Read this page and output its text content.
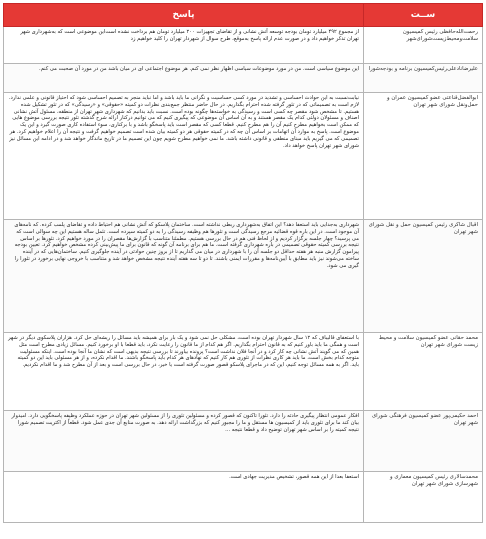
ســت	پاسخ
رحمت‌الله‌حافظی رئیس کمیسیون سلامت‌ومحیط‌زیست‌شورای‌شهر	از مجموع ۴۹۲ میلیارد تومان بودجه توسعه آتش نشانی و از تقاضای تجهیزات ۲۰۰ میلیارد تومان هم برداخت نشده است‌این موضوعی است که به‌شهرداری شهر تهران تذکر خواهیم داد و در صورت عدم ارائه پاسخ به‌موقع، طرح سوال از شهردار تهران را کلید خواهیم زد
علیرضانادعلی‌رئیس‌کمیسیون برنامه و بودجه‌شورا	این موضوع سیاسی است. من در مورد موضوعات سیاسی اظهار نظر نمی کنم. هر موضوع اجتماعی ای در میان باشد من در مورد آن صحبت می کنم.
ابوالفضل‌قناعتی عضو کمیسیون عمران و حمل‌ونقل شورای شهر تهران	نیابت‌نسبت به این حوادث احساسی و تشدید در مورد کسی حساسیت و نگرانی ما باید باشد و اما نباید منجر به تصمیم احساسی شود که احتیاز قانونی و علمی ندارد. لازم است به تصمیماتی که در تئور گرفته شده احترام بگذاریم. در حال حاضر منتظر جمع‌بندی نظرات دو کمیته «حقوقی» و «رسیدگی» که در تئور تشکیل شده هستیم. تا مشخص شود مقصر چه کسی است و رسیدگی به خواسته‌ها چگونه بوده است. نسبت باید بدانیم که شهرداری شهر تهران از منطقه، مسئول آتش نشانی اصناف و مسئولان دولتی کدام یک مقصر هستند و به آن اساس آن موضوعی که پیگیری کنیم که می توانیم درکنار ارائه شرح گذشته تئور نتیجه بررسی موضوع هایی که ممکن است بخواهیم مطرح کنیم آن را هم مطرح کنیم. قطعا کسی که مقصر است باید پاسخگو باشد و با برکناری، سوء استفاده کاری صورت گیرد و این یک موضوع است. پاسخ به موارد آن اتهامات بر اساس آن چه که در کمیته حقوقی هر دو کمیته بیان شده است تصمیم خواهیم گرفت و نتیجه آن را اعلام خواهیم کرد. هر تصمیمی که می گیریم باید مبنای منطقی و قانونی داشته باشد. ما نمی خواهیم مطرح شویم چون این تصمیم ما در تاریخ ماندگار خواهد شد و در ادامه این مسائل نیز شورای شهر تهران پاسخ خواهد داد.
اقبال شاکری رئیس کمیسیون حمل و نقل شورای شهر تهران	شهرداری به‌جدایی باید استعفا دهد؟ این اتفاق به‌شهرداری ربطی نداشته است. ساختمان پلاسکو که آتش نشانی هم احتیاط داده و تقاضای پلمب کرده. که نامه‌های آن موجود است. در این باره قوه قضائیه مرجع رسیدگی است و تئورها هم وظیفه رسیدگی را به دو کمیته سپرده است. تئمل ساله هستیم این چه سوالی است که می پرسید؟ چهار جلسه برگزار کردیم و از لحاظ فنی هم در حال بررسی هستیم. مطمئنا متناسب با گزارش‌ها مقصران را در مورد خواهیم کرد. تئورها بر اساس نتیجه بررسی کمیته حقوقی تصمیمی در باره شهرداری گرفته است. ما هم برای برنامه آن گونه که قانون برای ما پیش‌بینی کرده مشخص خواهیم کرد. تعیین بودجه پیرامون گزارش منبه هر هفته حداقل دو جلسه آن را با شهرداری در میان می گذاریم تا از بروز چنین حوادثی در آینده جلوگیری کنیم. ساختمان‌هایی که در آینده ساخته می‌شوند نیز باید مطابق با آیین‌نامه‌ها و مقررات ایمنی باشند. تا دو تا سه هفته آینده نتیجه مشخص خواهد شد و متناسب با خروجی نهایی برخورد در تئورا را گیری می شود.
محمد حقانی عضو کمیسیون سلامت و محیط زیست شورای شهر تهران	با استعفای قالیباف که ۱۲ سال شهردار تهران بوده است، مشکلی حل نمی شود و یک بار برای همیشه باید مسائل را ریشه‌ای حل کرد. هزاران پلاسکوی دیگر در شهر است و همگی ما باید باور کنیم که به قانون احترام بگذاریم. اگر هم کدام از ما قانون را رعایت نکرد، باید قطعا با او برخورد کنیم. مسائل زیادی مطرح است مثل همین که می گویند آتش نشانی چه کار کرد و در آنجا فلان نداشت است؟ پرونده بیاورند تا بررسی نتیجه بدیهی است که نشان ما آنجا بوده است. اینکه مسئولیت متوجه کدام بخش است، ما باید هر کاری نظرات از تئوری هم کار کنیم که نهادهای هر کدام باید پاسخگو باشند. ما اقدام نکرده، و از هر مسئولی باید این دو کمیته باید. اگر به همه مسائل توجه کنیم، این که در ماجرای پلاسکو قصور صورت گرفته است یا خیر، در حال بررسی است و بعد از آن مطرح شد و ما اقدام نکردیم.
احمد حکیمی‌پور عضو کمیسیون فرهنگی شورای شهر تهران	افکار عمومی انتظار پیگیری حادثه را دارد. تئورا تاکنون که قصور کرده و مسئولین تئوری را از مسئولین شهر تهران در حوزه عملکرد وظیفه پاسخگویی دارد. امیدوار بیان کند ما برای تئوری باید از کمیسیون ها مستقل و ما را مجبور کنیم که بزرگداشت ارائه دهد. به صورت منابع آن جدی عمل شود. قطعاً از اکثریت تصمیم شورا نتیجه کمیته را بر اساس شهر تهران توضیح داد و قطعا نتیجه ...
محمدسالاری رئیس کمیسیون معماری و شهرسازی شورای شهر تهران	استعفا بعدا از این همه قصور، تشخیص مدیریت جهادی است.
